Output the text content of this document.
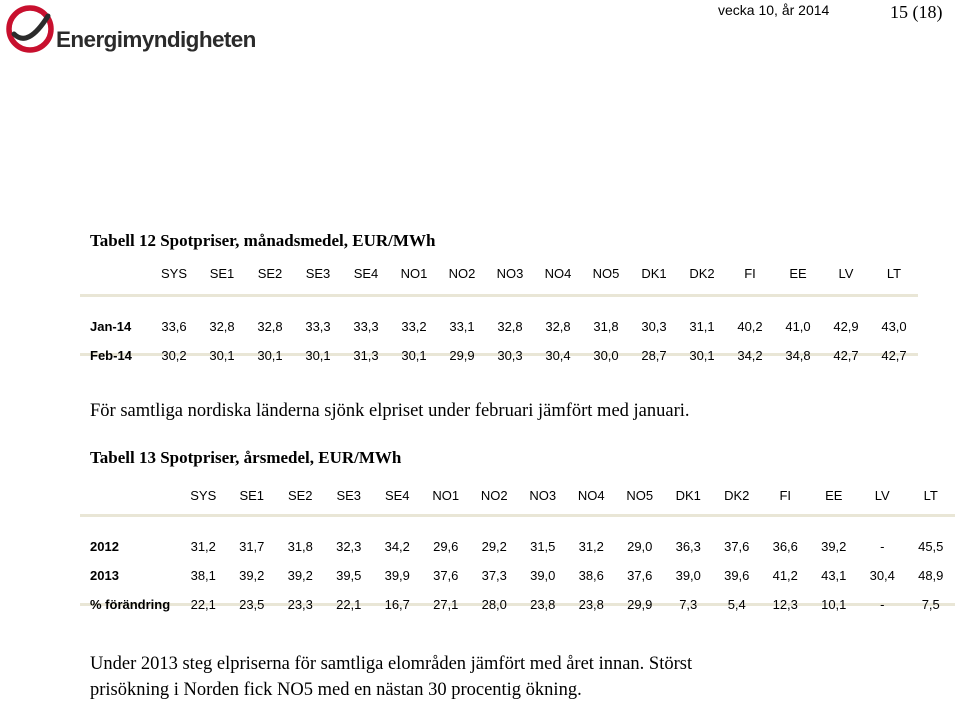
Energimyndigheten
vecka 10, år 2014	15 (18)
Tabell 12 Spotpriser, månadsmedel, EUR/MWh
	SYS	SE1	SE2	SE3	SE4	NO1	NO2	NO3	NO4	NO5	DK1	DK2	FI	EE	LV	LT

Jan-14	33,6	32,8	32,8	33,3	33,3	33,2	33,1	32,8	32,8	31,8	30,3	31,1	40,2	41,0	42,9	43,0
Feb-14	30,2	30,1	30,1	30,1	31,3	30,1	29,9	30,3	30,4	30,0	28,7	30,1	34,2	34,8	42,7	42,7
För samtliga nordiska länderna sjönk elpriset under februari jämfört med januari.
Tabell 13 Spotpriser, årsmedel, EUR/MWh
	SYS	SE1	SE2	SE3	SE4	NO1	NO2	NO3	NO4	NO5	DK1	DK2	FI	EE	LV	LT

2012	31,2	31,7	31,8	32,3	34,2	29,6	29,2	31,5	31,2	29,0	36,3	37,6	36,6	39,2	-	45,5
2013	38,1	39,2	39,2	39,5	39,9	37,6	37,3	39,0	38,6	37,6	39,0	39,6	41,2	43,1	30,4	48,9
% förändring	22,1	23,5	23,3	22,1	16,7	27,1	28,0	23,8	23,8	29,9	7,3	5,4	12,3	10,1	-	7,5
Under 2013 steg elpriserna för samtliga elområden jämfört med året innan. Störst
prisökning i Norden fick NO5 med en nästan 30 procentig ökning.
